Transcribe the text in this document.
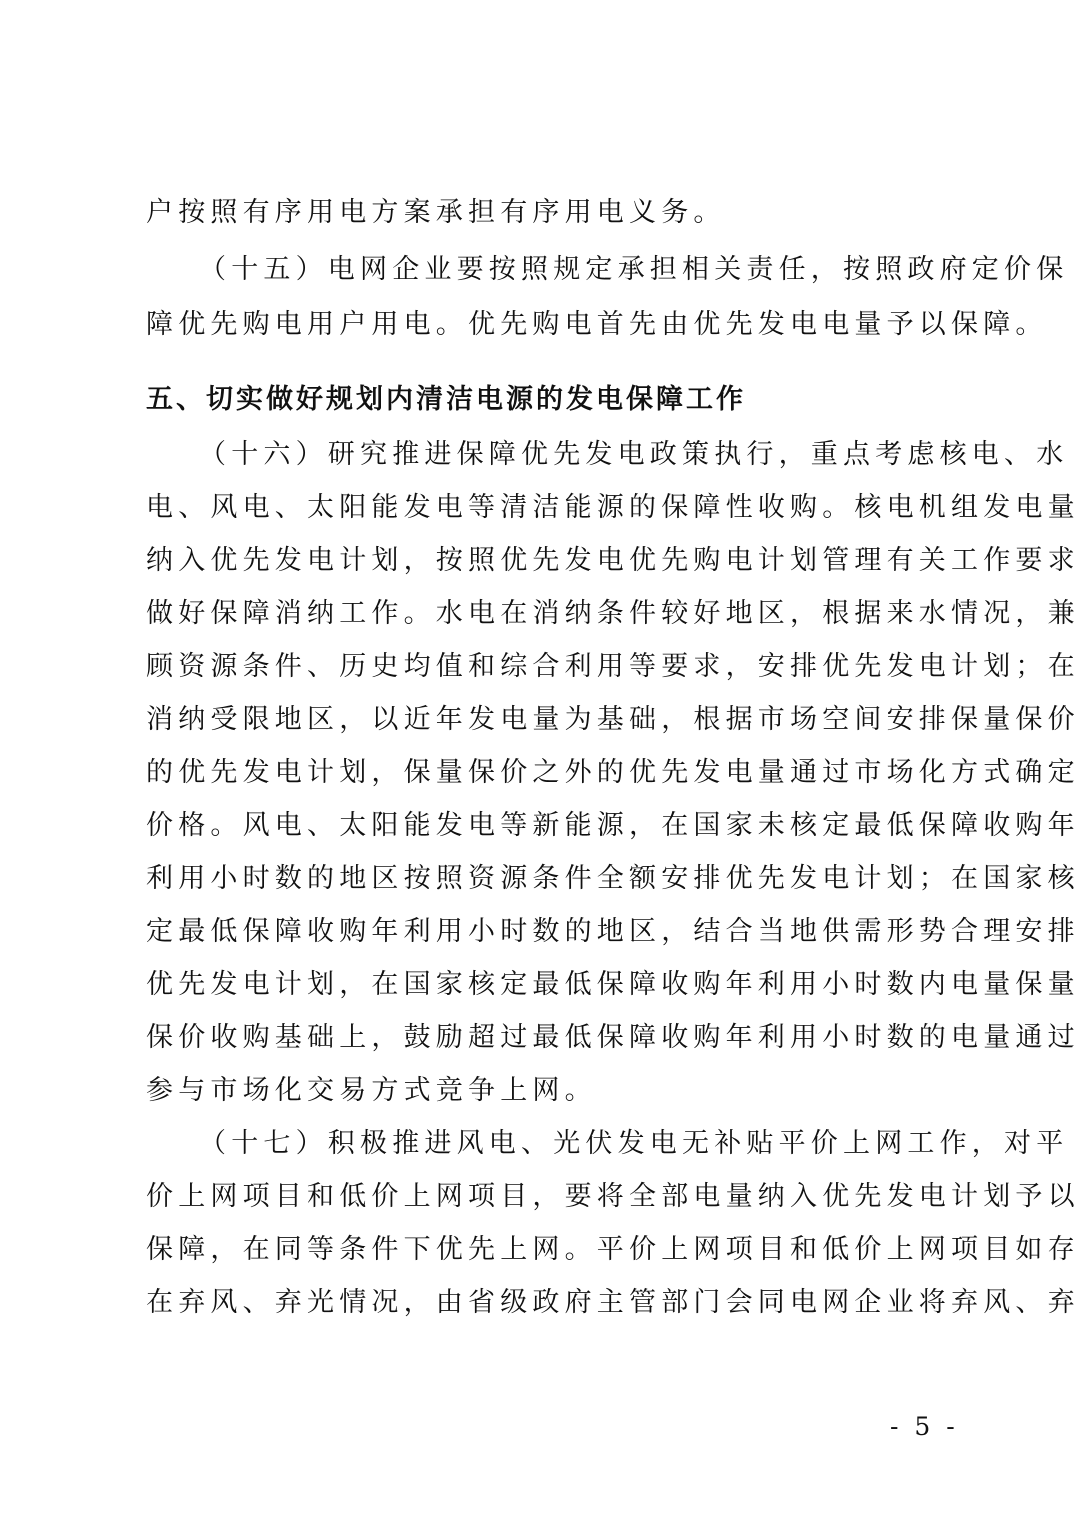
户按照有序用电方案承担有序用电义务。
（十五）电网企业要按照规定承担相关责任，按照政府定价保
障优先购电用户用电。优先购电首先由优先发电电量予以保障。
五、切实做好规划内清洁电源的发电保障工作
（十六）研究推进保障优先发电政策执行，重点考虑核电、水
电、风电、太阳能发电等清洁能源的保障性收购。核电机组发电量
纳入优先发电计划，按照优先发电优先购电计划管理有关工作要求
做好保障消纳工作。水电在消纳条件较好地区，根据来水情况，兼
顾资源条件、历史均值和综合利用等要求，安排优先发电计划；在
消纳受限地区，以近年发电量为基础，根据市场空间安排保量保价
的优先发电计划，保量保价之外的优先发电量通过市场化方式确定
价格。风电、太阳能发电等新能源，在国家未核定最低保障收购年
利用小时数的地区按照资源条件全额安排优先发电计划；在国家核
定最低保障收购年利用小时数的地区，结合当地供需形势合理安排
优先发电计划，在国家核定最低保障收购年利用小时数内电量保量
保价收购基础上，鼓励超过最低保障收购年利用小时数的电量通过
参与市场化交易方式竞争上网。
（十七）积极推进风电、光伏发电无补贴平价上网工作，对平
价上网项目和低价上网项目，要将全部电量纳入优先发电计划予以
保障，在同等条件下优先上网。平价上网项目和低价上网项目如存
在弃风、弃光情况，由省级政府主管部门会同电网企业将弃风、弃
- 5 -
